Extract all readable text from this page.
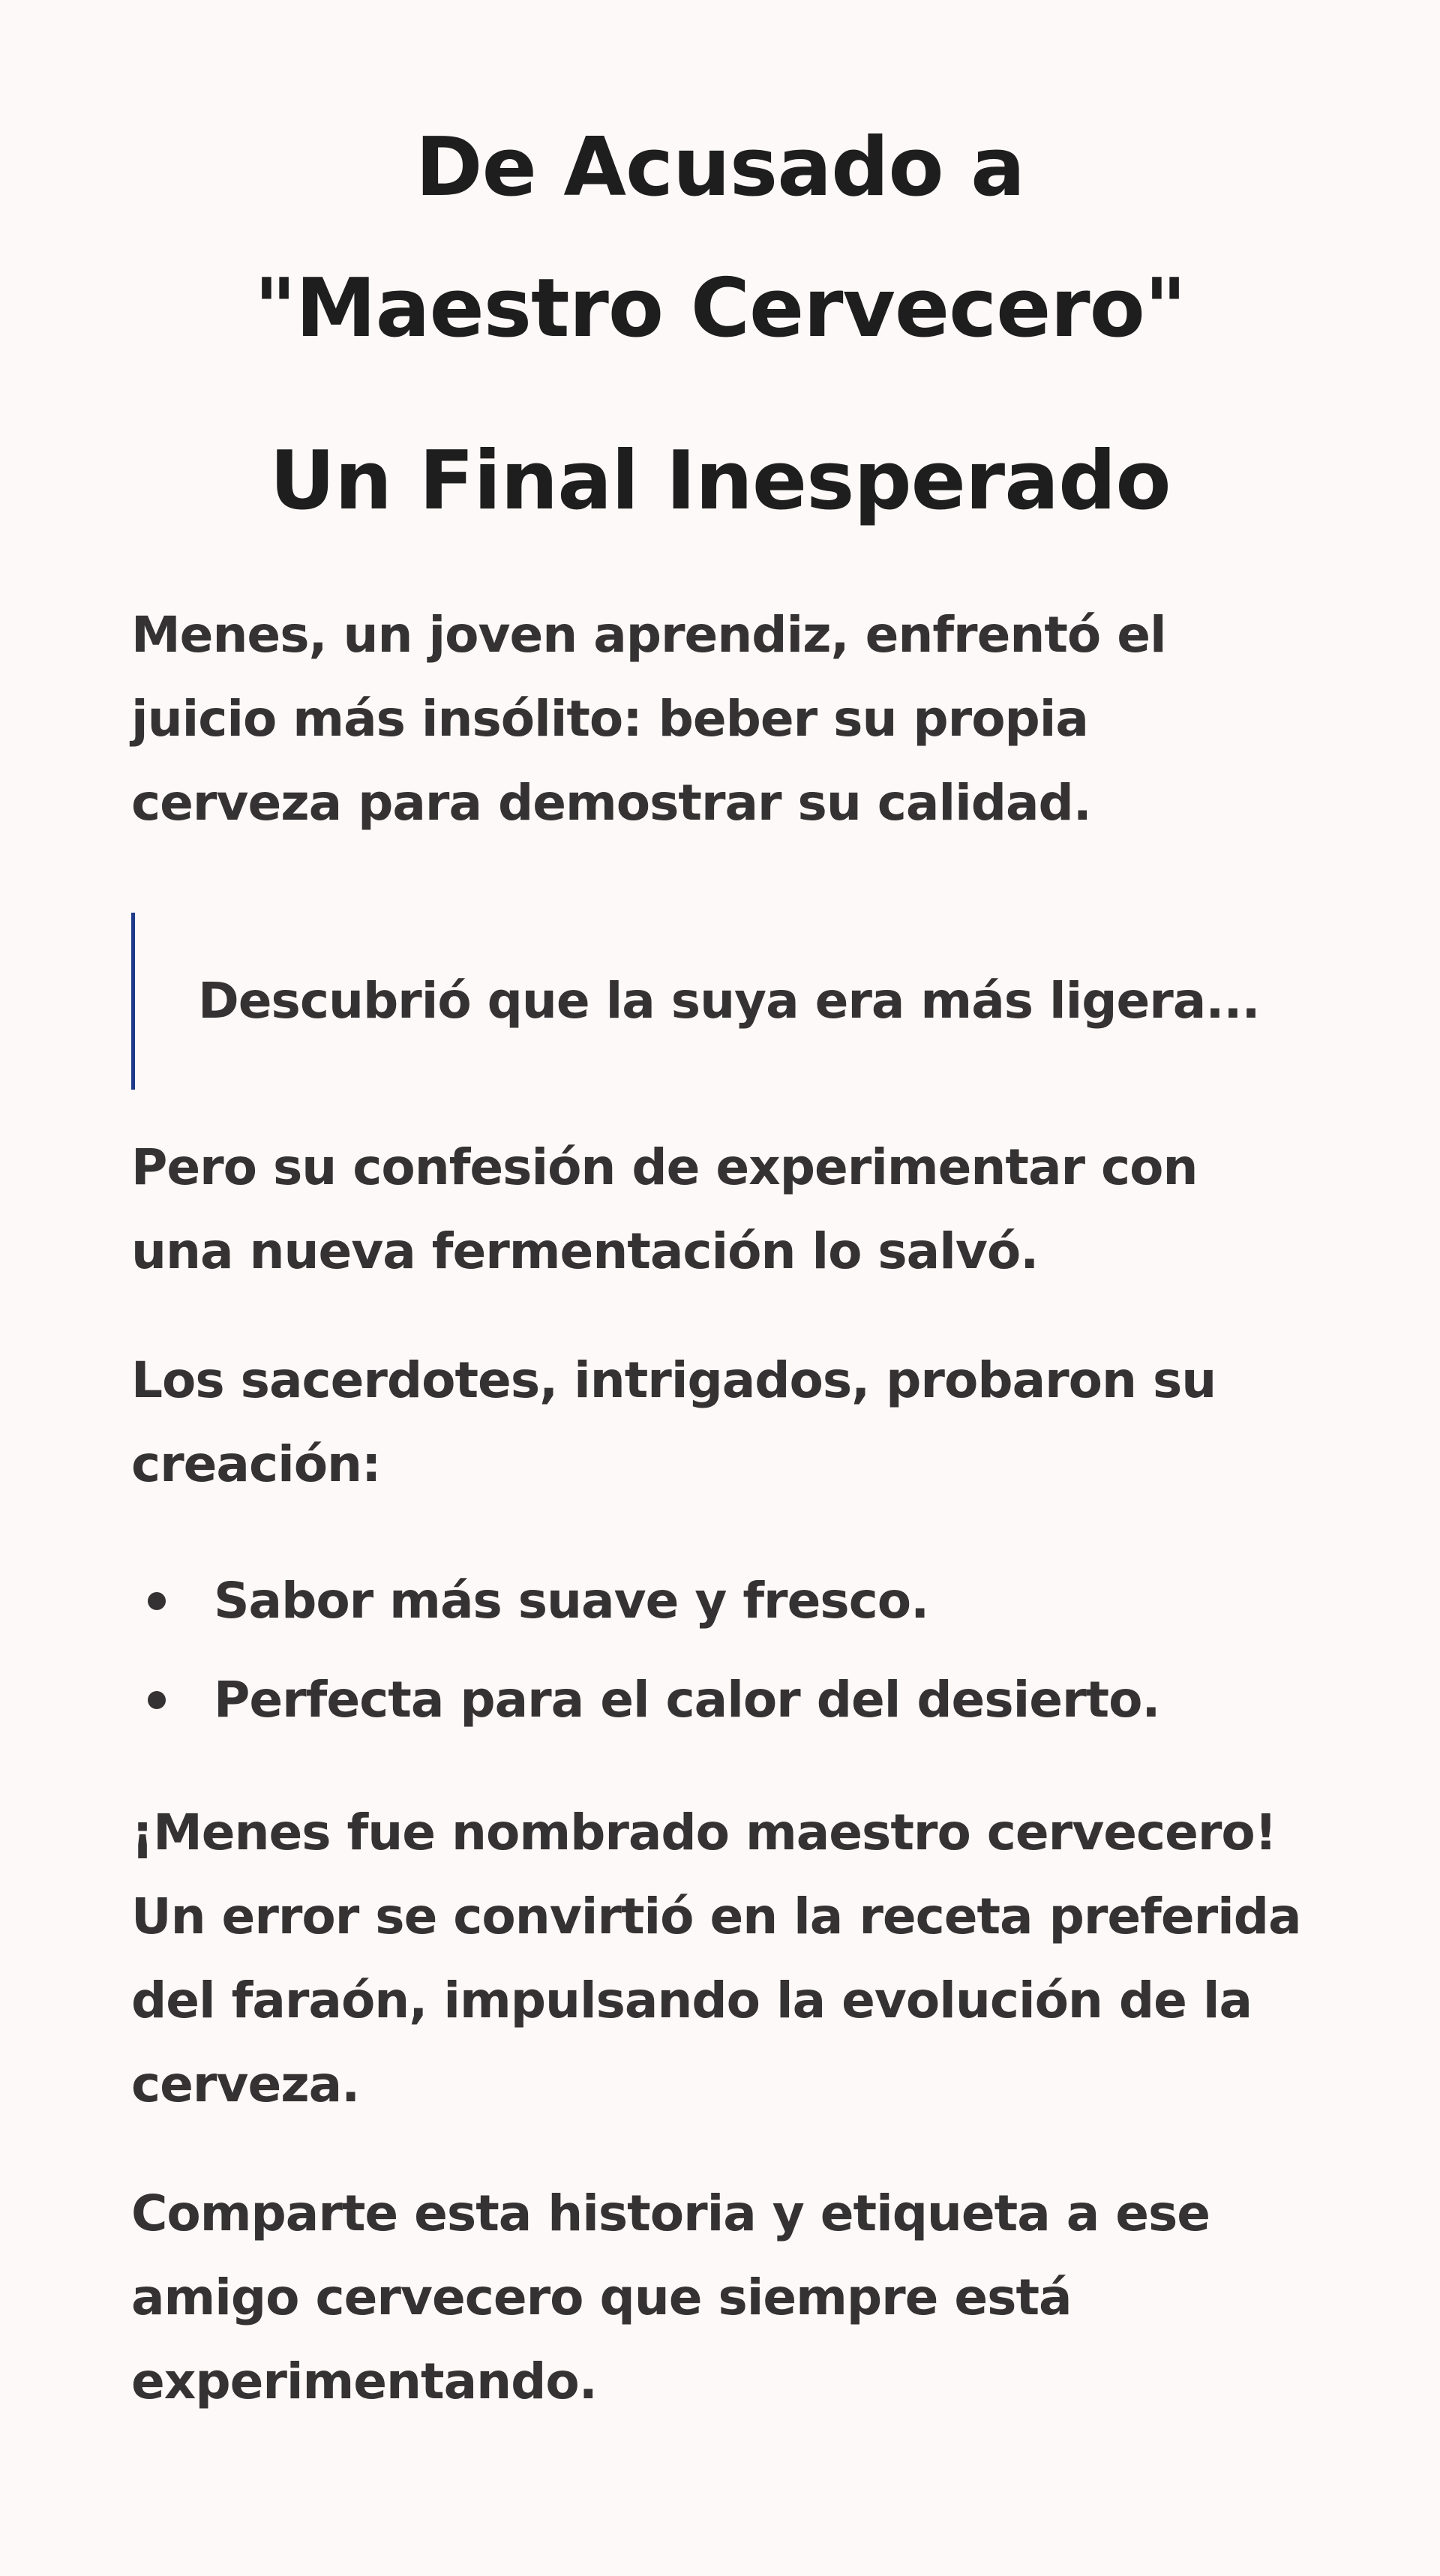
De Acusado a
"Maestro Cervecero"
Un Final Inesperado

Menes, un joven aprendiz, enfrentó el juicio más insólito: beber su propia cerveza para demostrar su calidad.

Descubrió que la suya era más ligera...

Pero su confesión de experimentar con una nueva fermentación lo salvó.

Los sacerdotes, intrigados, probaron su creación:

Sabor más suave y fresco.
Perfecta para el calor del desierto.

¡Menes fue nombrado maestro cervecero! Un error se convirtió en la receta preferida del faraón, impulsando la evolución de la cerveza.

Comparte esta historia y etiqueta a ese amigo cervecero que siempre está experimentando.
